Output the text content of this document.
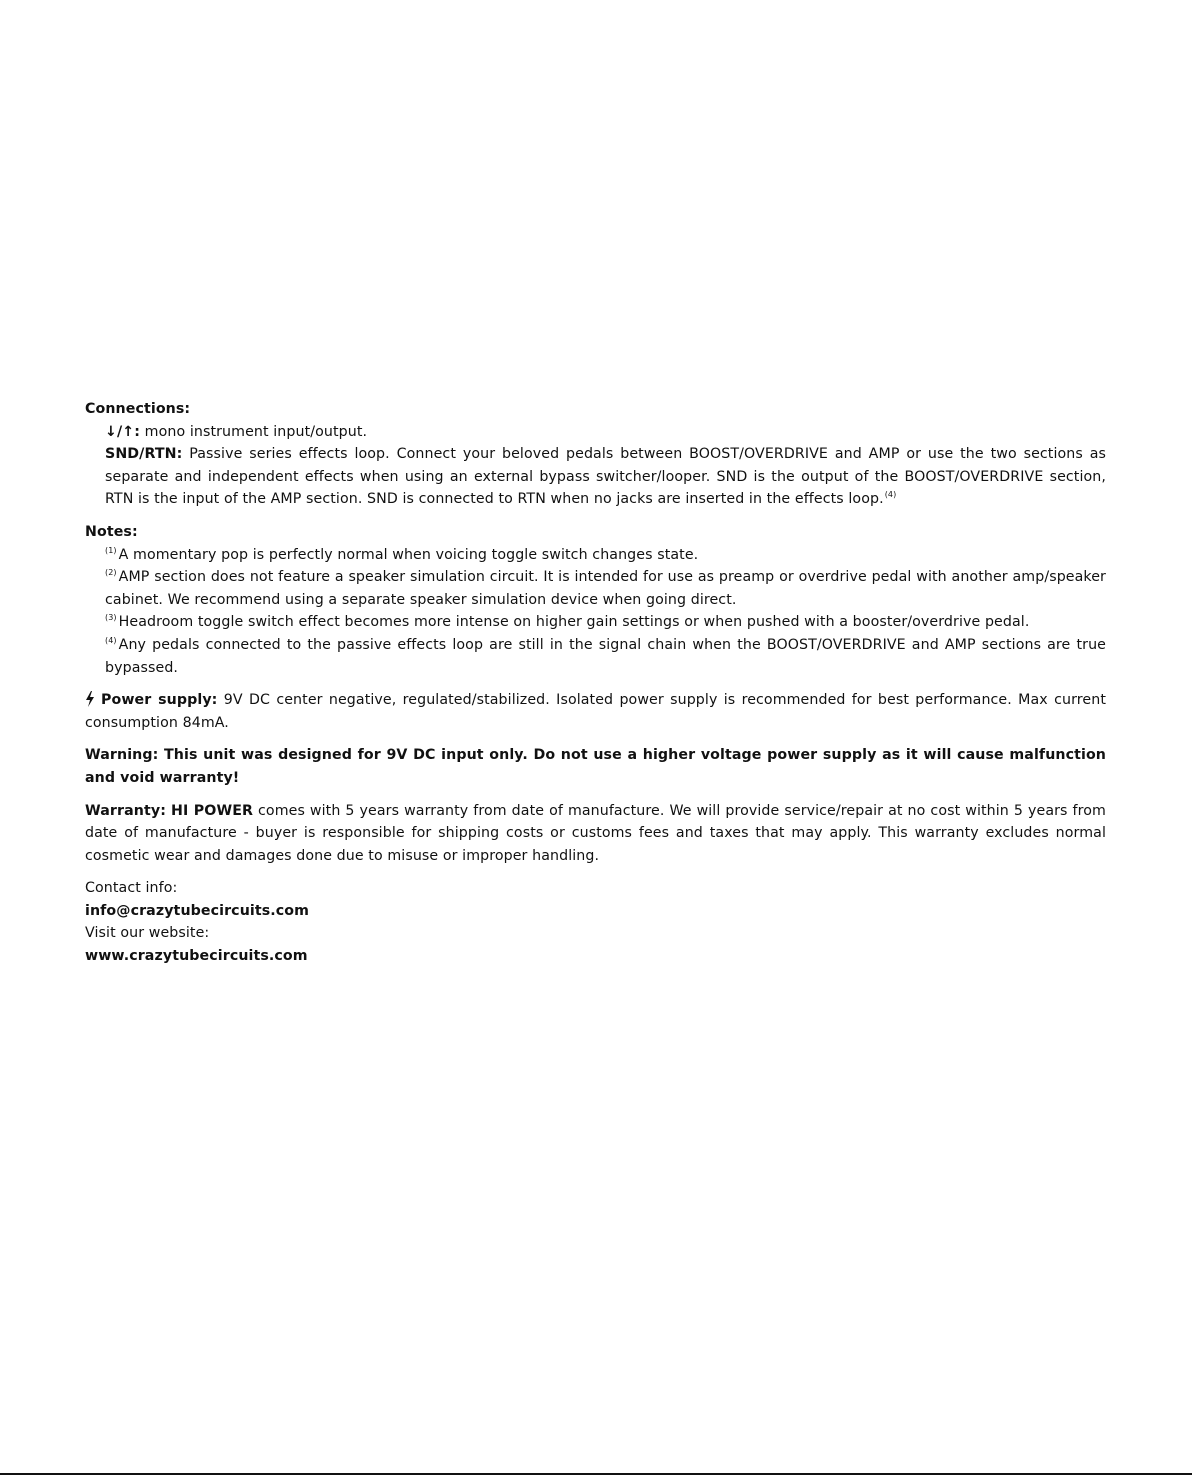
Connections:
↓/↑: mono instrument input/output.
SND/RTN: Passive series effects loop. Connect your beloved pedals between BOOST/OVERDRIVE and AMP or use the two sections as separate and independent effects when using an external bypass switcher/looper. SND is the output of the BOOST/OVERDRIVE section, RTN is the input of the AMP section. SND is connected to RTN when no jacks are inserted in the effects loop.$^{(4)}$
Notes:
$^{(1)}$ A momentary pop is perfectly normal when voicing toggle switch changes state.
$^{(2)}$ AMP section does not feature a speaker simulation circuit. It is intended for use as preamp or overdrive pedal with another amp/speaker cabinet. We recommend using a separate speaker simulation device when going direct.
$^{(3)}$ Headroom toggle switch effect becomes more intense on higher gain settings or when pushed with a booster/overdrive pedal.
$^{(4)}$ Any pedals connected to the passive effects loop are still in the signal chain when the BOOST/OVERDRIVE and AMP sections are true bypassed.
Power supply: 9V DC center negative, regulated/stabilized. Isolated power supply is recommended for best performance. Max current consumption 84mA.
Warning: This unit was designed for 9V DC input only. Do not use a higher voltage power supply as it will cause malfunction and void warranty!
Warranty: HI POWER comes with 5 years warranty from date of manufacture. We will provide service/repair at no cost within 5 years from date of manufacture - buyer is responsible for shipping costs or customs fees and taxes that may apply. This warranty excludes normal cosmetic wear and damages done due to misuse or improper handling.
Contact info:
info@crazytubecircuits.com
Visit our website:
www.crazytubecircuits.com
